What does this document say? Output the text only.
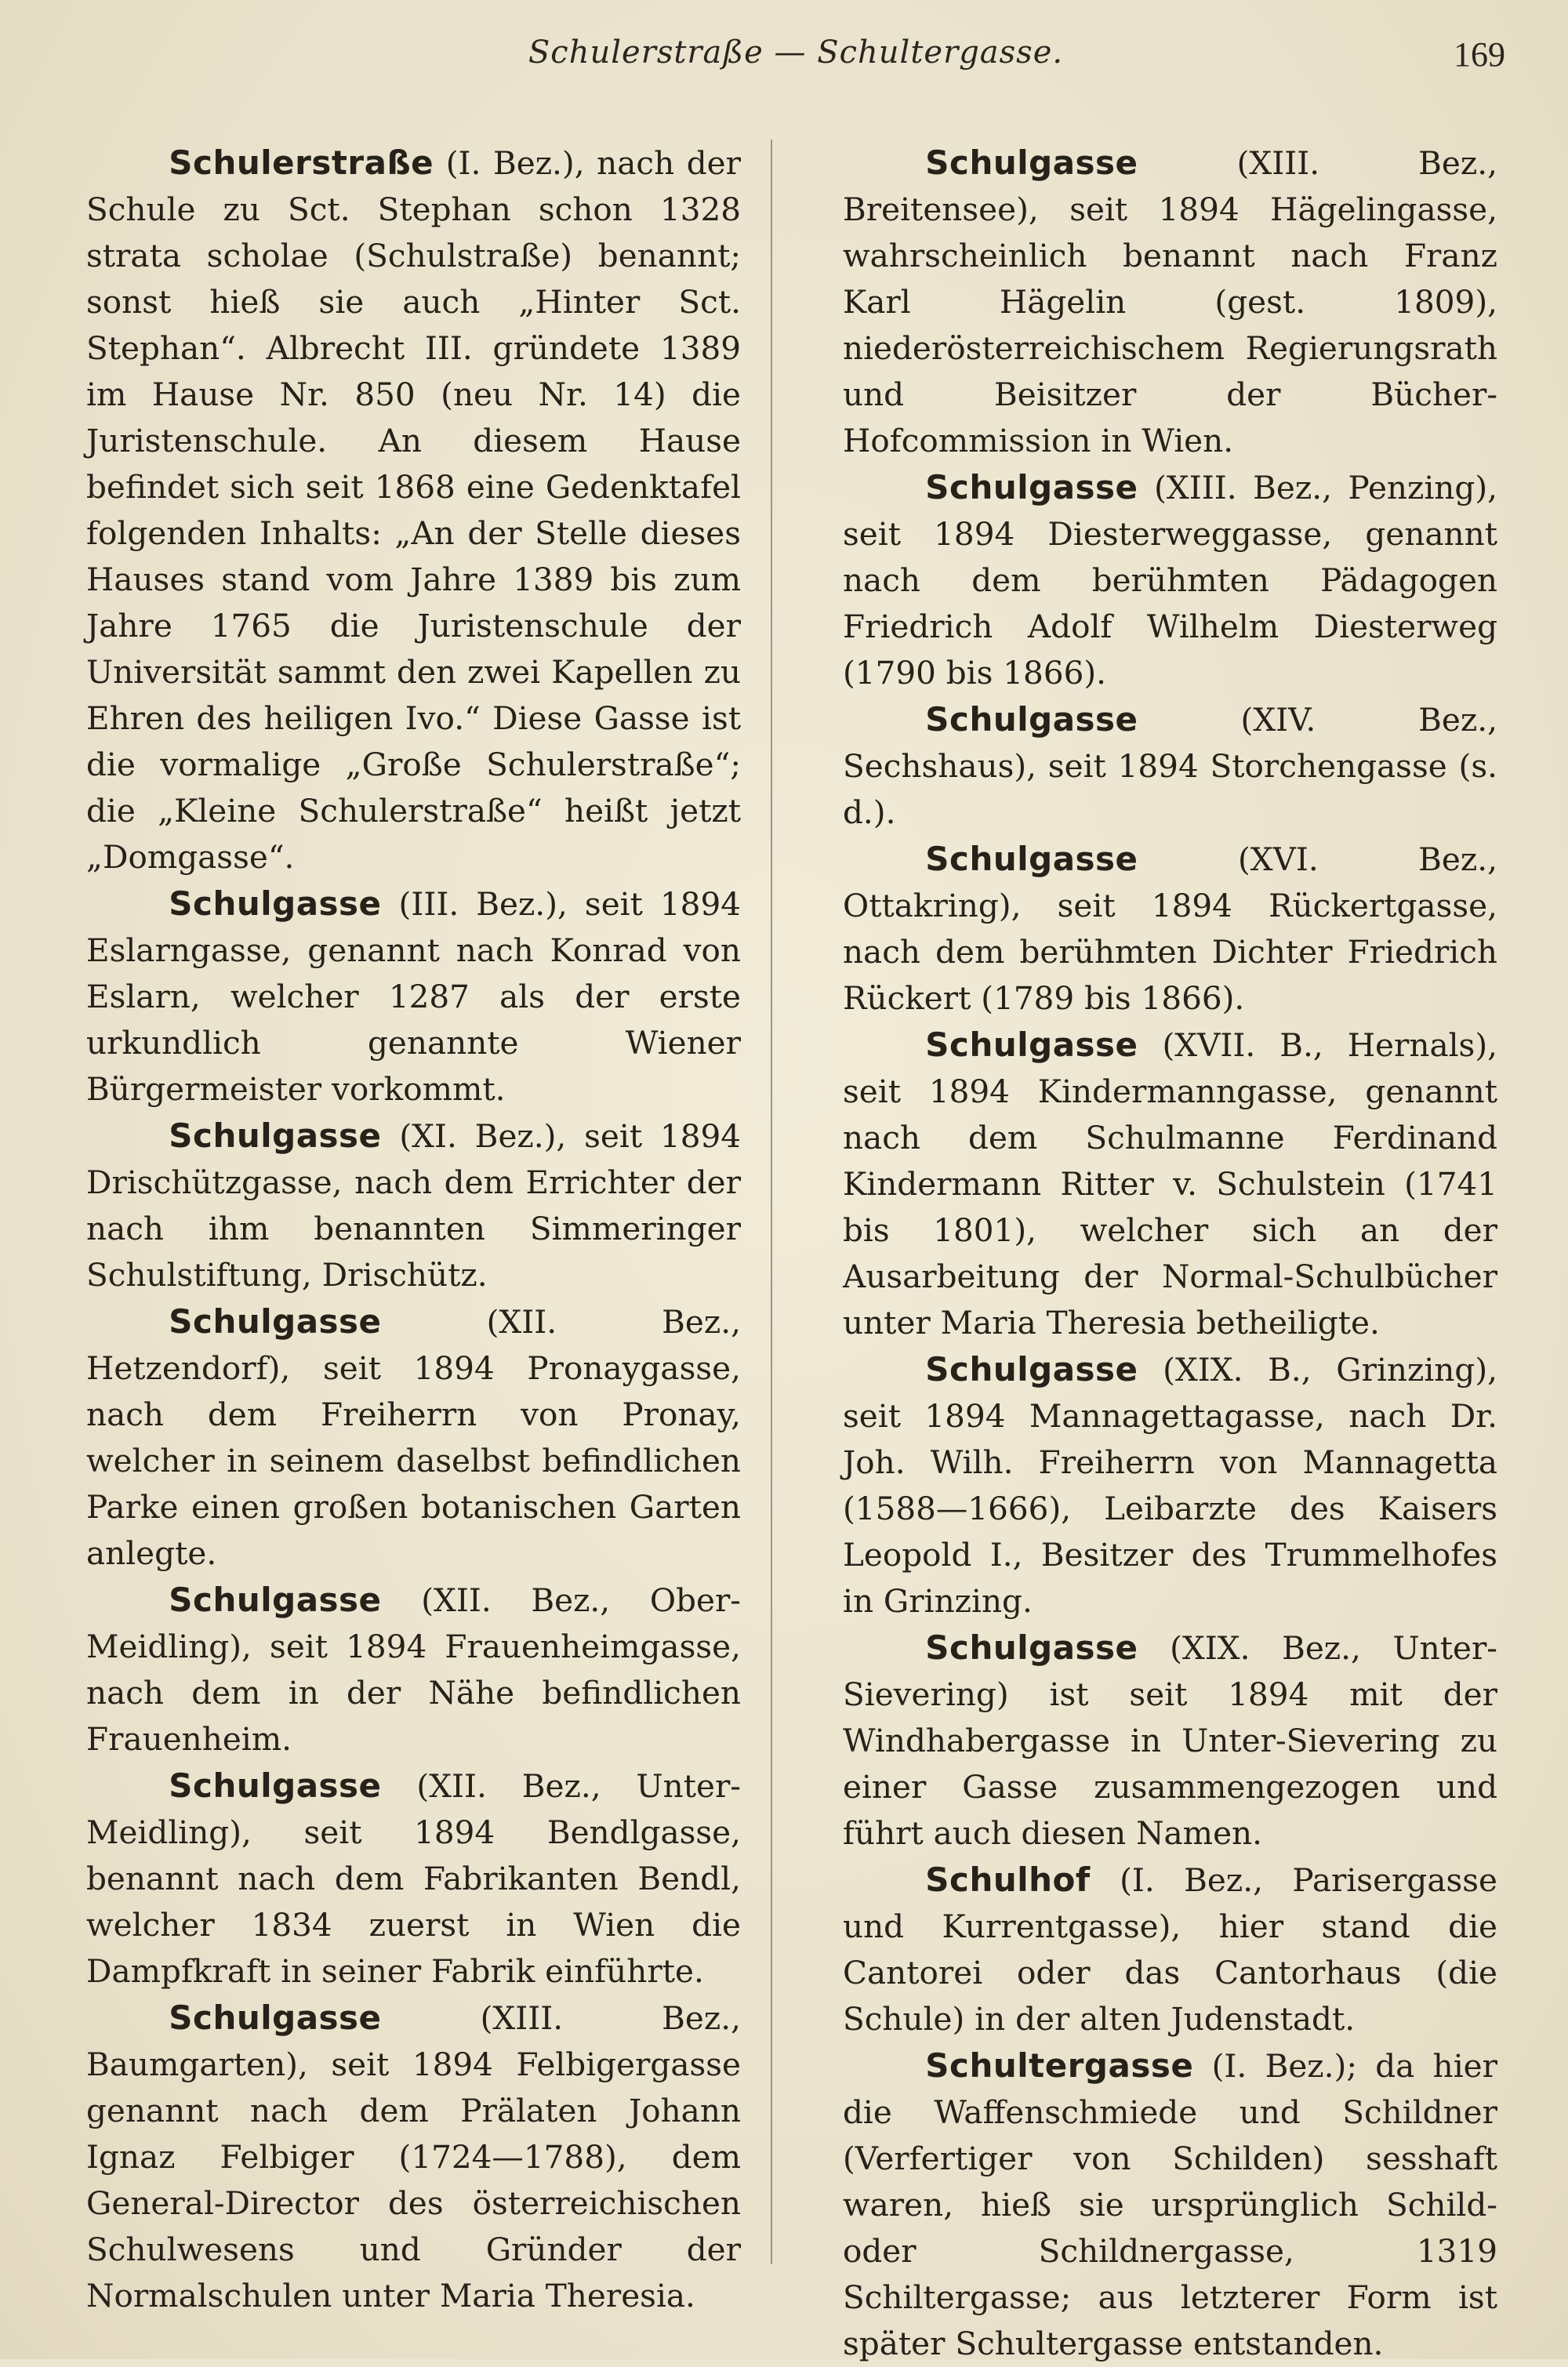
Schulerstraße — Schultergasse.	169

Schulerstraße (I. Bez.), nach der Schule zu Sct. Stephan schon 1328 strata scholae (Schulstraße) benannt; sonst hieß sie auch „Hinter Sct. Stephan“. Albrecht III. gründete 1389 im Hause Nr. 850 (neu Nr. 14) die Juristenschule. An diesem Hause befindet sich seit 1868 eine Gedenktafel folgenden Inhalts: „An der Stelle dieses Hauses stand vom Jahre 1389 bis zum Jahre 1765 die Juristenschule der Universität sammt den zwei Kapellen zu Ehren des heiligen Ivo.“ Diese Gasse ist die vormalige „Große Schulerstraße“; die „Kleine Schulerstraße“ heißt jetzt „Domgasse“.

Schulgasse (III. Bez.), seit 1894 Eslarngasse, genannt nach Konrad von Eslarn, welcher 1287 als der erste urkundlich genannte Wiener Bürgermeister vorkommt.

Schulgasse (XI. Bez.), seit 1894 Drischützgasse, nach dem Errichter der nach ihm benannten Simmeringer Schulstiftung, Drischütz.

Schulgasse (XII. Bez., Hetzendorf), seit 1894 Pronaygasse, nach dem Freiherrn von Pronay, welcher in seinem daselbst befindlichen Parke einen großen botanischen Garten anlegte.

Schulgasse (XII. Bez., Ober-Meidling), seit 1894 Frauenheimgasse, nach dem in der Nähe befindlichen Frauenheim.

Schulgasse (XII. Bez., Unter-Meidling), seit 1894 Bendlgasse, benannt nach dem Fabrikanten Bendl, welcher 1834 zuerst in Wien die Dampfkraft in seiner Fabrik einführte.

Schulgasse (XIII. Bez., Baumgarten), seit 1894 Felbigergasse genannt nach dem Prälaten Johann Ignaz Felbiger (1724—1788), dem General-Director des österreichischen Schulwesens und Gründer der Normalschulen unter Maria Theresia.

Schulgasse (XIII. Bez., Breitensee), seit 1894 Hägelingasse, wahrscheinlich benannt nach Franz Karl Hägelin (gest. 1809), niederösterreichischem Regierungsrath und Beisitzer der Bücher-Hofcommission in Wien.

Schulgasse (XIII. Bez., Penzing), seit 1894 Diesterweggasse, genannt nach dem berühmten Pädagogen Friedrich Adolf Wilhelm Diesterweg (1790 bis 1866).

Schulgasse (XIV. Bez., Sechshaus), seit 1894 Storchengasse (s. d.).

Schulgasse (XVI. Bez., Ottakring), seit 1894 Rückertgasse, nach dem berühmten Dichter Friedrich Rückert (1789 bis 1866).

Schulgasse (XVII. B., Hernals), seit 1894 Kindermanngasse, genannt nach dem Schulmanne Ferdinand Kindermann Ritter v. Schulstein (1741 bis 1801), welcher sich an der Ausarbeitung der Normal-Schulbücher unter Maria Theresia betheiligte.

Schulgasse (XIX. B., Grinzing), seit 1894 Mannagettagasse, nach Dr. Joh. Wilh. Freiherrn von Mannagetta (1588—1666), Leibarzte des Kaisers Leopold I., Besitzer des Trummelhofes in Grinzing.

Schulgasse (XIX. Bez., Unter-Sievering) ist seit 1894 mit der Windhabergasse in Unter-Sievering zu einer Gasse zusammengezogen und führt auch diesen Namen.

Schulhof (I. Bez., Parisergasse und Kurrentgasse), hier stand die Cantorei oder das Cantorhaus (die Schule) in der alten Judenstadt.

Schultergasse (I. Bez.); da hier die Waffenschmiede und Schildner (Verfertiger von Schilden) sesshaft waren, hieß sie ursprünglich Schild- oder Schildnergasse, 1319 Schiltergasse; aus letzterer Form ist später Schultergasse entstanden.
